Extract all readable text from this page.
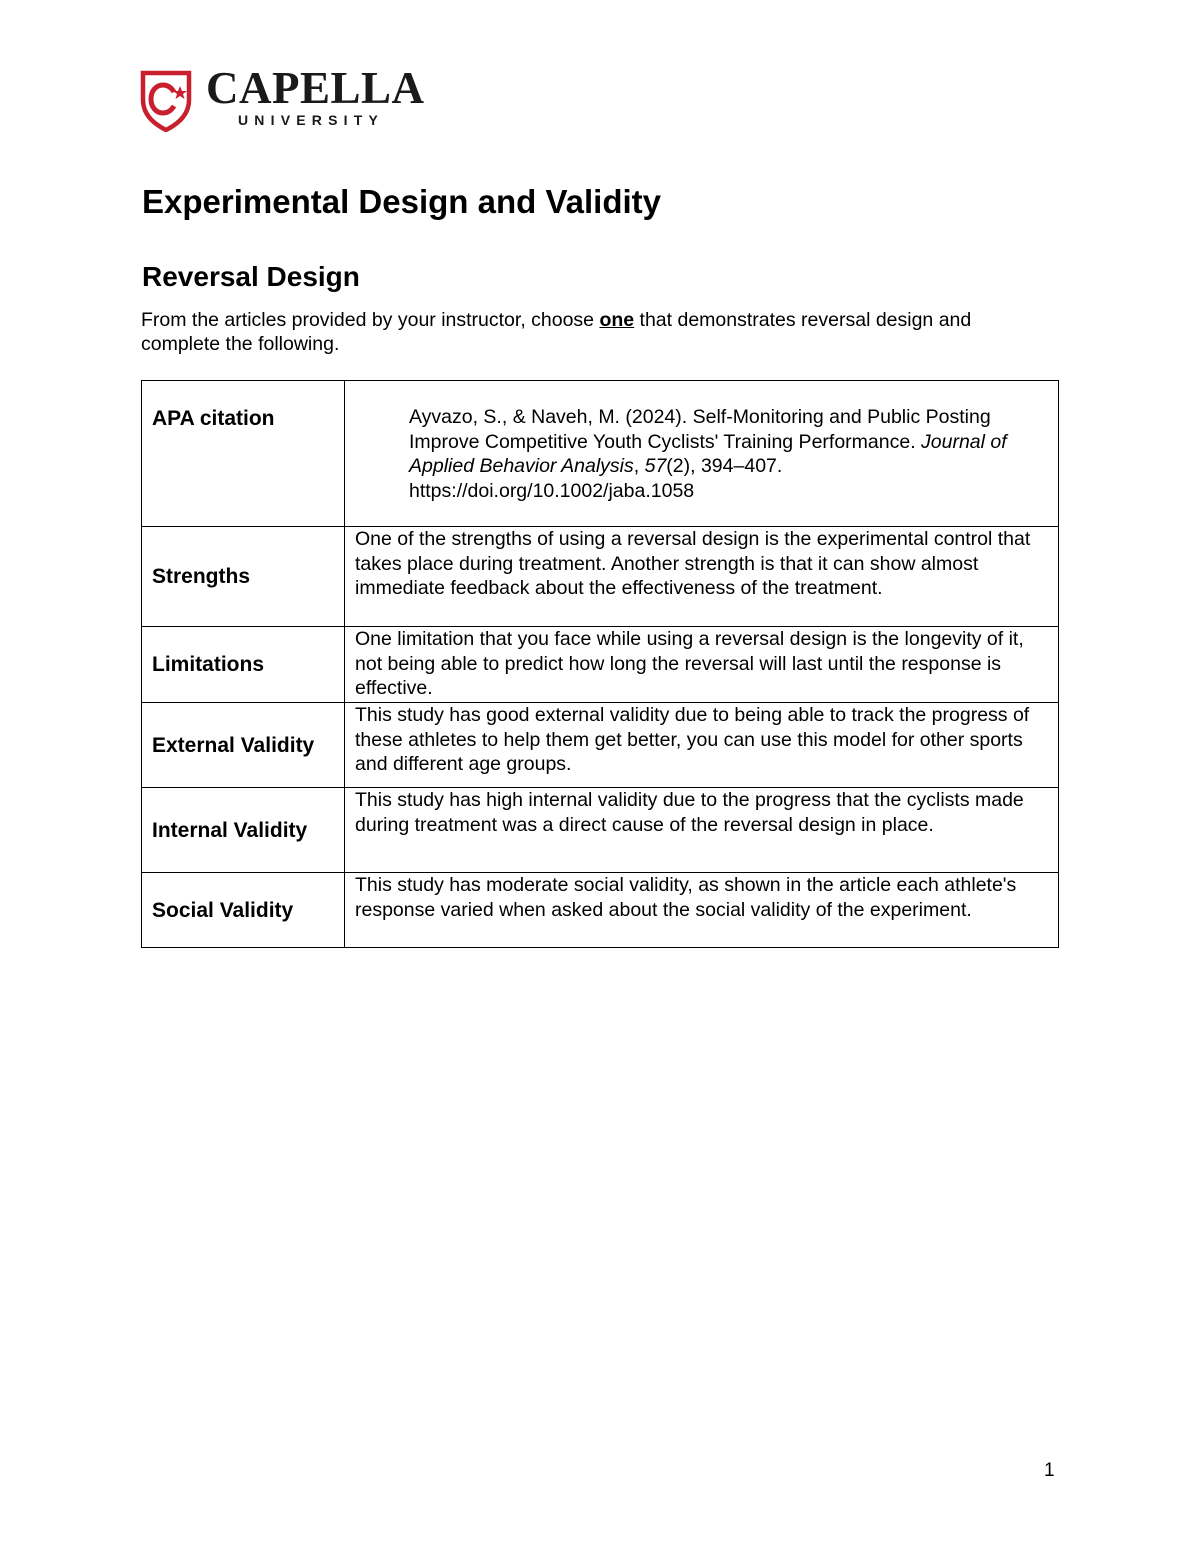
CAPELLA
UNIVERSITY
Experimental Design and Validity
Reversal Design

From the articles provided by your instructor, choose one that demonstrates reversal design and complete the following.

APA citation	Ayvazo, S., & Naveh, M. (2024). Self-Monitoring and Public Posting Improve Competitive Youth Cyclists' Training Performance. Journal of Applied Behavior Analysis, 57(2), 394–407. https://doi.org/10.1002/jaba.1058
Strengths	One of the strengths of using a reversal design is the experimental control that takes place during treatment. Another strength is that it can show almost immediate feedback about the effectiveness of the treatment.
Limitations	One limitation that you face while using a reversal design is the longevity of it, not being able to predict how long the reversal will last until the response is effective.
External Validity	This study has good external validity due to being able to track the progress of these athletes to help them get better, you can use this model for other sports and different age groups.
Internal Validity	This study has high internal validity due to the progress that the cyclists made during treatment was a direct cause of the reversal design in place.
Social Validity	This study has moderate social validity, as shown in the article each athlete's response varied when asked about the social validity of the experiment.
1
